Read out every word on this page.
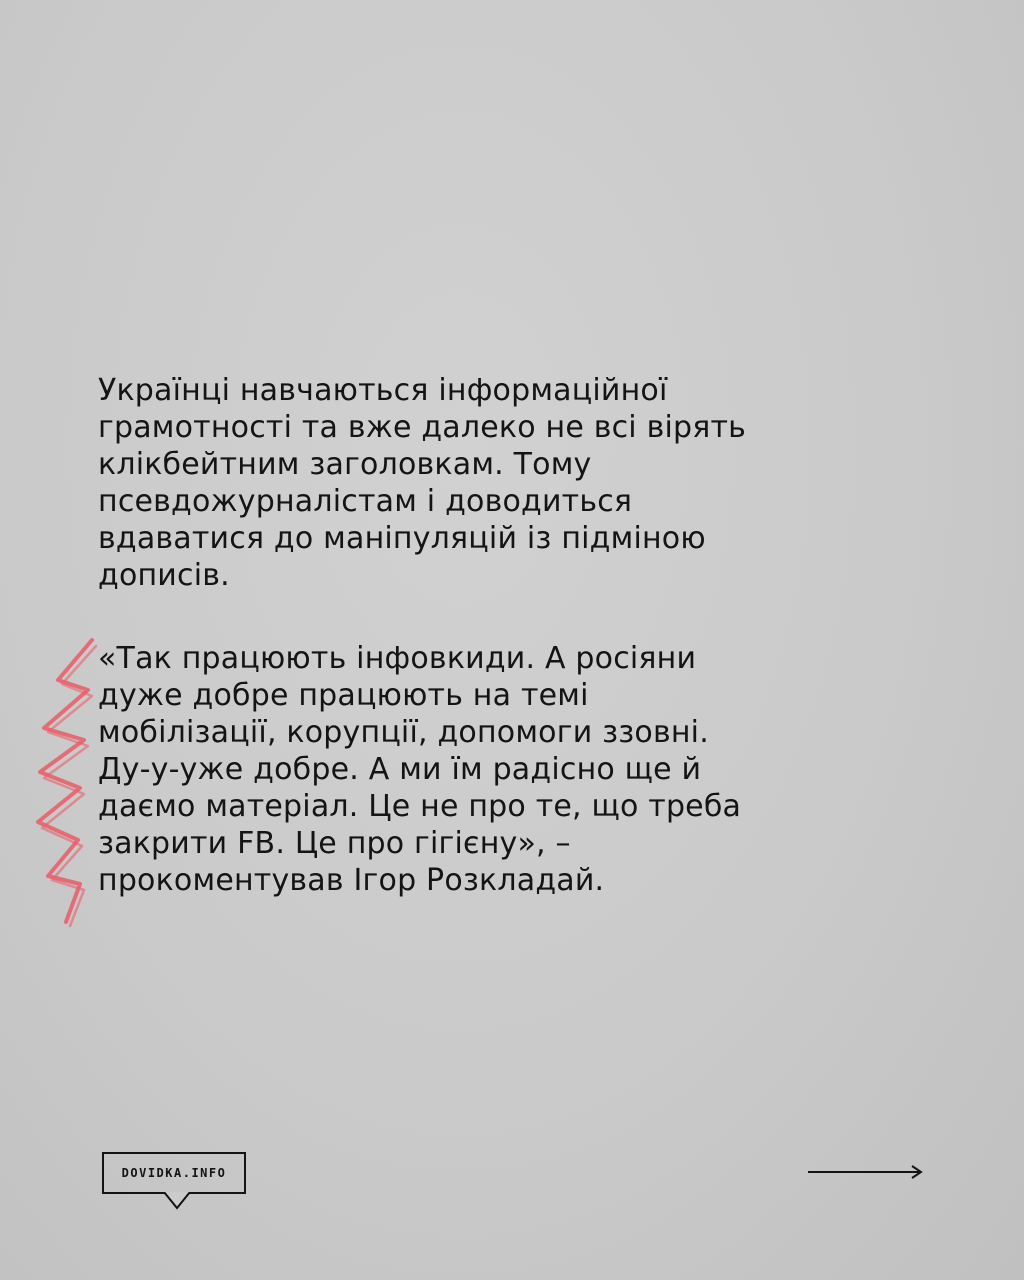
Українці навчаються інформаційної
грамотності та вже далеко не всі вірять
клікбейтним заголовкам. Тому
псевдожурналістам і доводиться
вдаватися до маніпуляцій із підміною
дописів.

«Так працюють інфовкиди. А росіяни
дуже добре працюють на темі
мобілізації, корупції, допомоги ззовні.
Ду-у-уже добре. А ми їм радісно ще й
даємо матеріал. Це не про те, що треба
закрити FB. Це про гігієну», –
прокоментував Ігор Розкладай.

DOVIDKA.INFO
